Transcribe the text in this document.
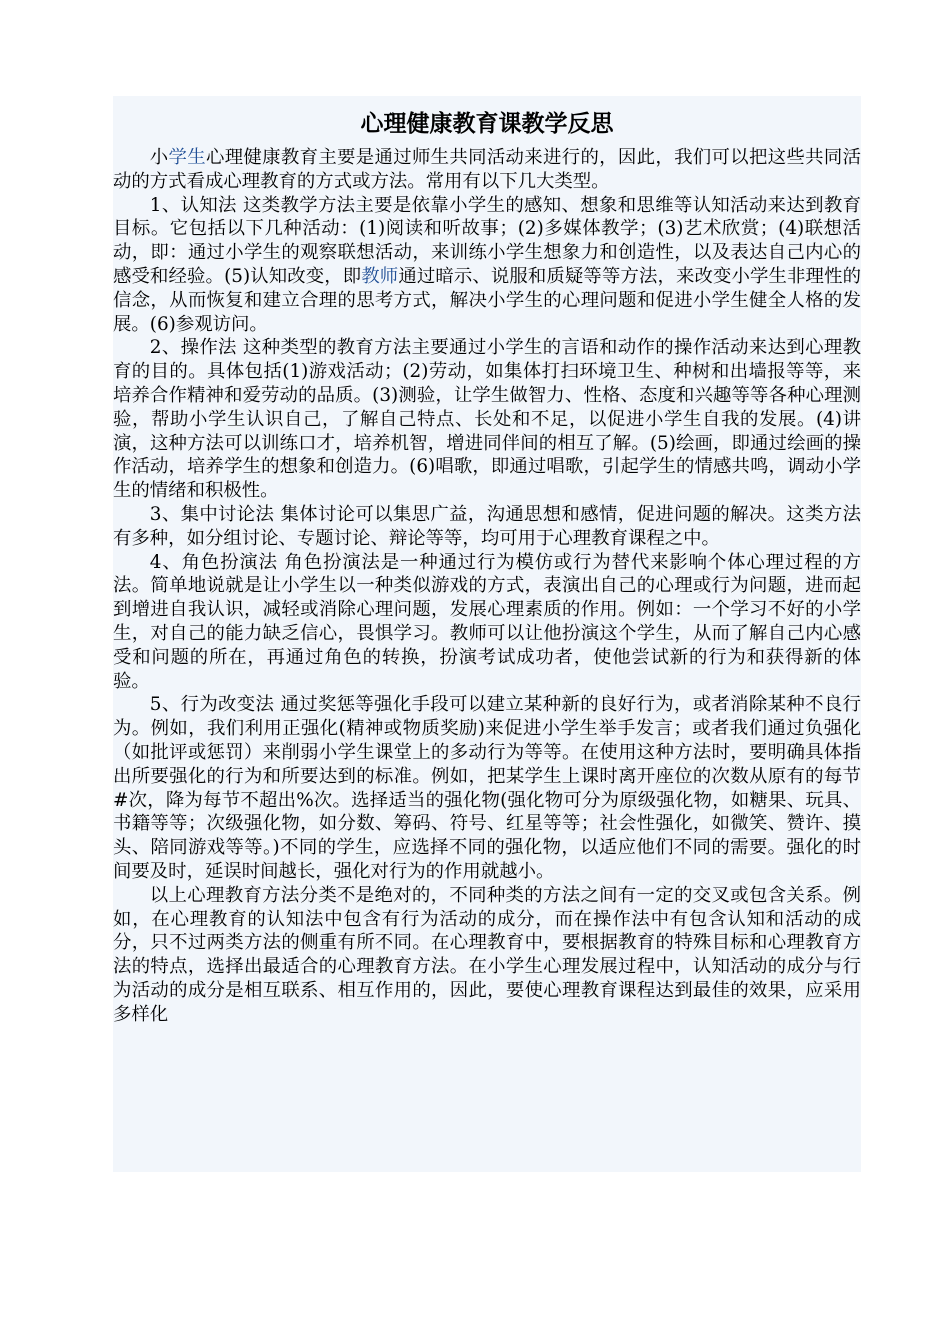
心理健康教育课教学反思

小学生心理健康教育主要是通过师生共同活动来进行的，因此，我们可以把这些共同活动的方式看成心理教育的方式或方法。常用有以下几大类型。

1、认知法 这类教学方法主要是依靠小学生的感知、想象和思维等认知活动来达到教育目标。它包括以下几种活动：(1)阅读和听故事；(2)多媒体教学；(3)艺术欣赏；(4)联想活动，即：通过小学生的观察联想活动，来训练小学生想象力和创造性，以及表达自己内心的感受和经验。(5)认知改变，即教师通过暗示、说服和质疑等等方法，来改变小学生非理性的信念，从而恢复和建立合理的思考方式，解决小学生的心理问题和促进小学生健全人格的发展。(6)参观访问。

2、操作法 这种类型的教育方法主要通过小学生的言语和动作的操作活动来达到心理教育的目的。具体包括(1)游戏活动；(2)劳动，如集体打扫环境卫生、种树和出墙报等等，来培养合作精神和爱劳动的品质。(3)测验，让学生做智力、性格、态度和兴趣等等各种心理测验，帮助小学生认识自己，了解自己特点、长处和不足，以促进小学生自我的发展。(4)讲演，这种方法可以训练口才，培养机智，增进同伴间的相互了解。(5)绘画，即通过绘画的操作活动，培养学生的想象和创造力。(6)唱歌，即通过唱歌，引起学生的情感共鸣，调动小学生的情绪和积极性。

3、集中讨论法 集体讨论可以集思广益，沟通思想和感情，促进问题的解决。这类方法有多种，如分组讨论、专题讨论、辩论等等，均可用于心理教育课程之中。

4、角色扮演法 角色扮演法是一种通过行为模仿或行为替代来影响个体心理过程的方法。简单地说就是让小学生以一种类似游戏的方式，表演出自己的心理或行为问题，进而起到增进自我认识，减轻或消除心理问题，发展心理素质的作用。例如：一个学习不好的小学生，对自己的能力缺乏信心，畏惧学习。教师可以让他扮演这个学生，从而了解自己内心感受和问题的所在，再通过角色的转换，扮演考试成功者，使他尝试新的行为和获得新的体验。

5、行为改变法 通过奖惩等强化手段可以建立某种新的良好行为，或者消除某种不良行为。例如，我们利用正强化(精神或物质奖励)来促进小学生举手发言；或者我们通过负强化（如批评或惩罚）来削弱小学生课堂上的多动行为等等。在使用这种方法时，要明确具体指出所要强化的行为和所要达到的标准。例如，把某学生上课时离开座位的次数从原有的每节#次，降为每节不超出%次。选择适当的强化物(强化物可分为原级强化物，如糖果、玩具、书籍等等；次级强化物，如分数、筹码、符号、红星等等；社会性强化，如微笑、赞许、摸头、陪同游戏等等。)不同的学生，应选择不同的强化物，以适应他们不同的需要。强化的时间要及时，延误时间越长，强化对行为的作用就越小。

以上心理教育方法分类不是绝对的，不同种类的方法之间有一定的交叉或包含关系。例如，在心理教育的认知法中包含有行为活动的成分，而在操作法中有包含认知和活动的成分，只不过两类方法的侧重有所不同。在心理教育中，要根据教育的特殊目标和心理教育方法的特点，选择出最适合的心理教育方法。在小学生心理发展过程中，认知活动的成分与行为活动的成分是相互联系、相互作用的，因此，要使心理教育课程达到最佳的效果，应采用多样化
